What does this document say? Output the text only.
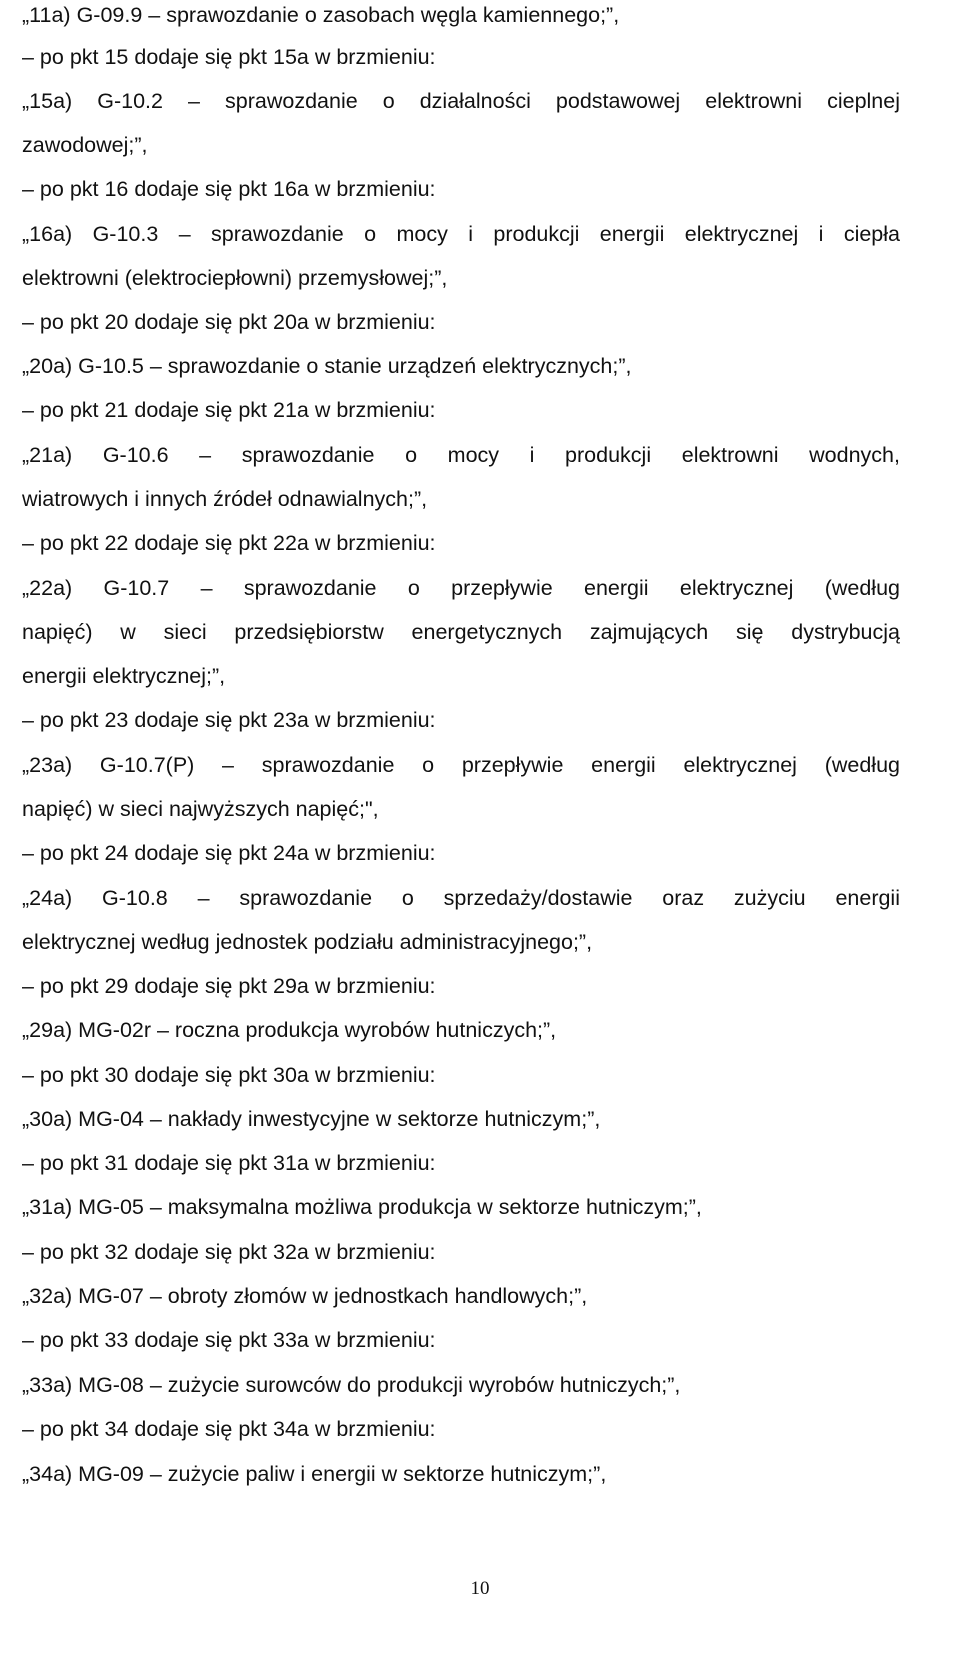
„11a) G-09.9 – sprawozdanie o zasobach węgla kamiennego;”,
– po pkt 15 dodaje się pkt 15a w brzmieniu:
„15a) G-10.2 – sprawozdanie o działalności podstawowej elektrowni cieplnej
zawodowej;”,
– po pkt 16 dodaje się pkt 16a w brzmieniu:
„16a) G-10.3 – sprawozdanie o mocy i produkcji energii elektrycznej i ciepła
elektrowni (elektrociepłowni) przemysłowej;”,
– po pkt 20 dodaje się pkt 20a w brzmieniu:
„20a) G-10.5 – sprawozdanie o stanie urządzeń elektrycznych;”,
– po pkt 21 dodaje się pkt 21a w brzmieniu:
„21a) G-10.6 – sprawozdanie o mocy i produkcji elektrowni wodnych,
wiatrowych i innych źródeł odnawialnych;”,
– po pkt 22 dodaje się pkt 22a w brzmieniu:
„22a) G-10.7 – sprawozdanie o przepływie energii elektrycznej (według
napięć) w sieci przedsiębiorstw energetycznych zajmujących się dystrybucją
energii elektrycznej;”,
– po pkt 23 dodaje się pkt 23a w brzmieniu:
„23a) G-10.7(P) – sprawozdanie o przepływie energii elektrycznej (według
napięć) w sieci najwyższych napięć;",
– po pkt 24 dodaje się pkt 24a w brzmieniu:
„24a) G-10.8 – sprawozdanie o sprzedaży/dostawie oraz zużyciu energii
elektrycznej według jednostek podziału administracyjnego;”,
– po pkt 29 dodaje się pkt 29a w brzmieniu:
„29a) MG-02r – roczna produkcja wyrobów hutniczych;”,
– po pkt 30 dodaje się pkt 30a w brzmieniu:
„30a) MG-04 – nakłady inwestycyjne w sektorze hutniczym;”,
– po pkt 31 dodaje się pkt 31a w brzmieniu:
„31a) MG-05 – maksymalna możliwa produkcja w sektorze hutniczym;”,
– po pkt 32 dodaje się pkt 32a w brzmieniu:
„32a) MG-07 – obroty złomów w jednostkach handlowych;”,
– po pkt 33 dodaje się pkt 33a w brzmieniu:
„33a) MG-08 – zużycie surowców do produkcji wyrobów hutniczych;”,
– po pkt 34 dodaje się pkt 34a w brzmieniu:
„34a) MG-09 – zużycie paliw i energii w sektorze hutniczym;”,
10
